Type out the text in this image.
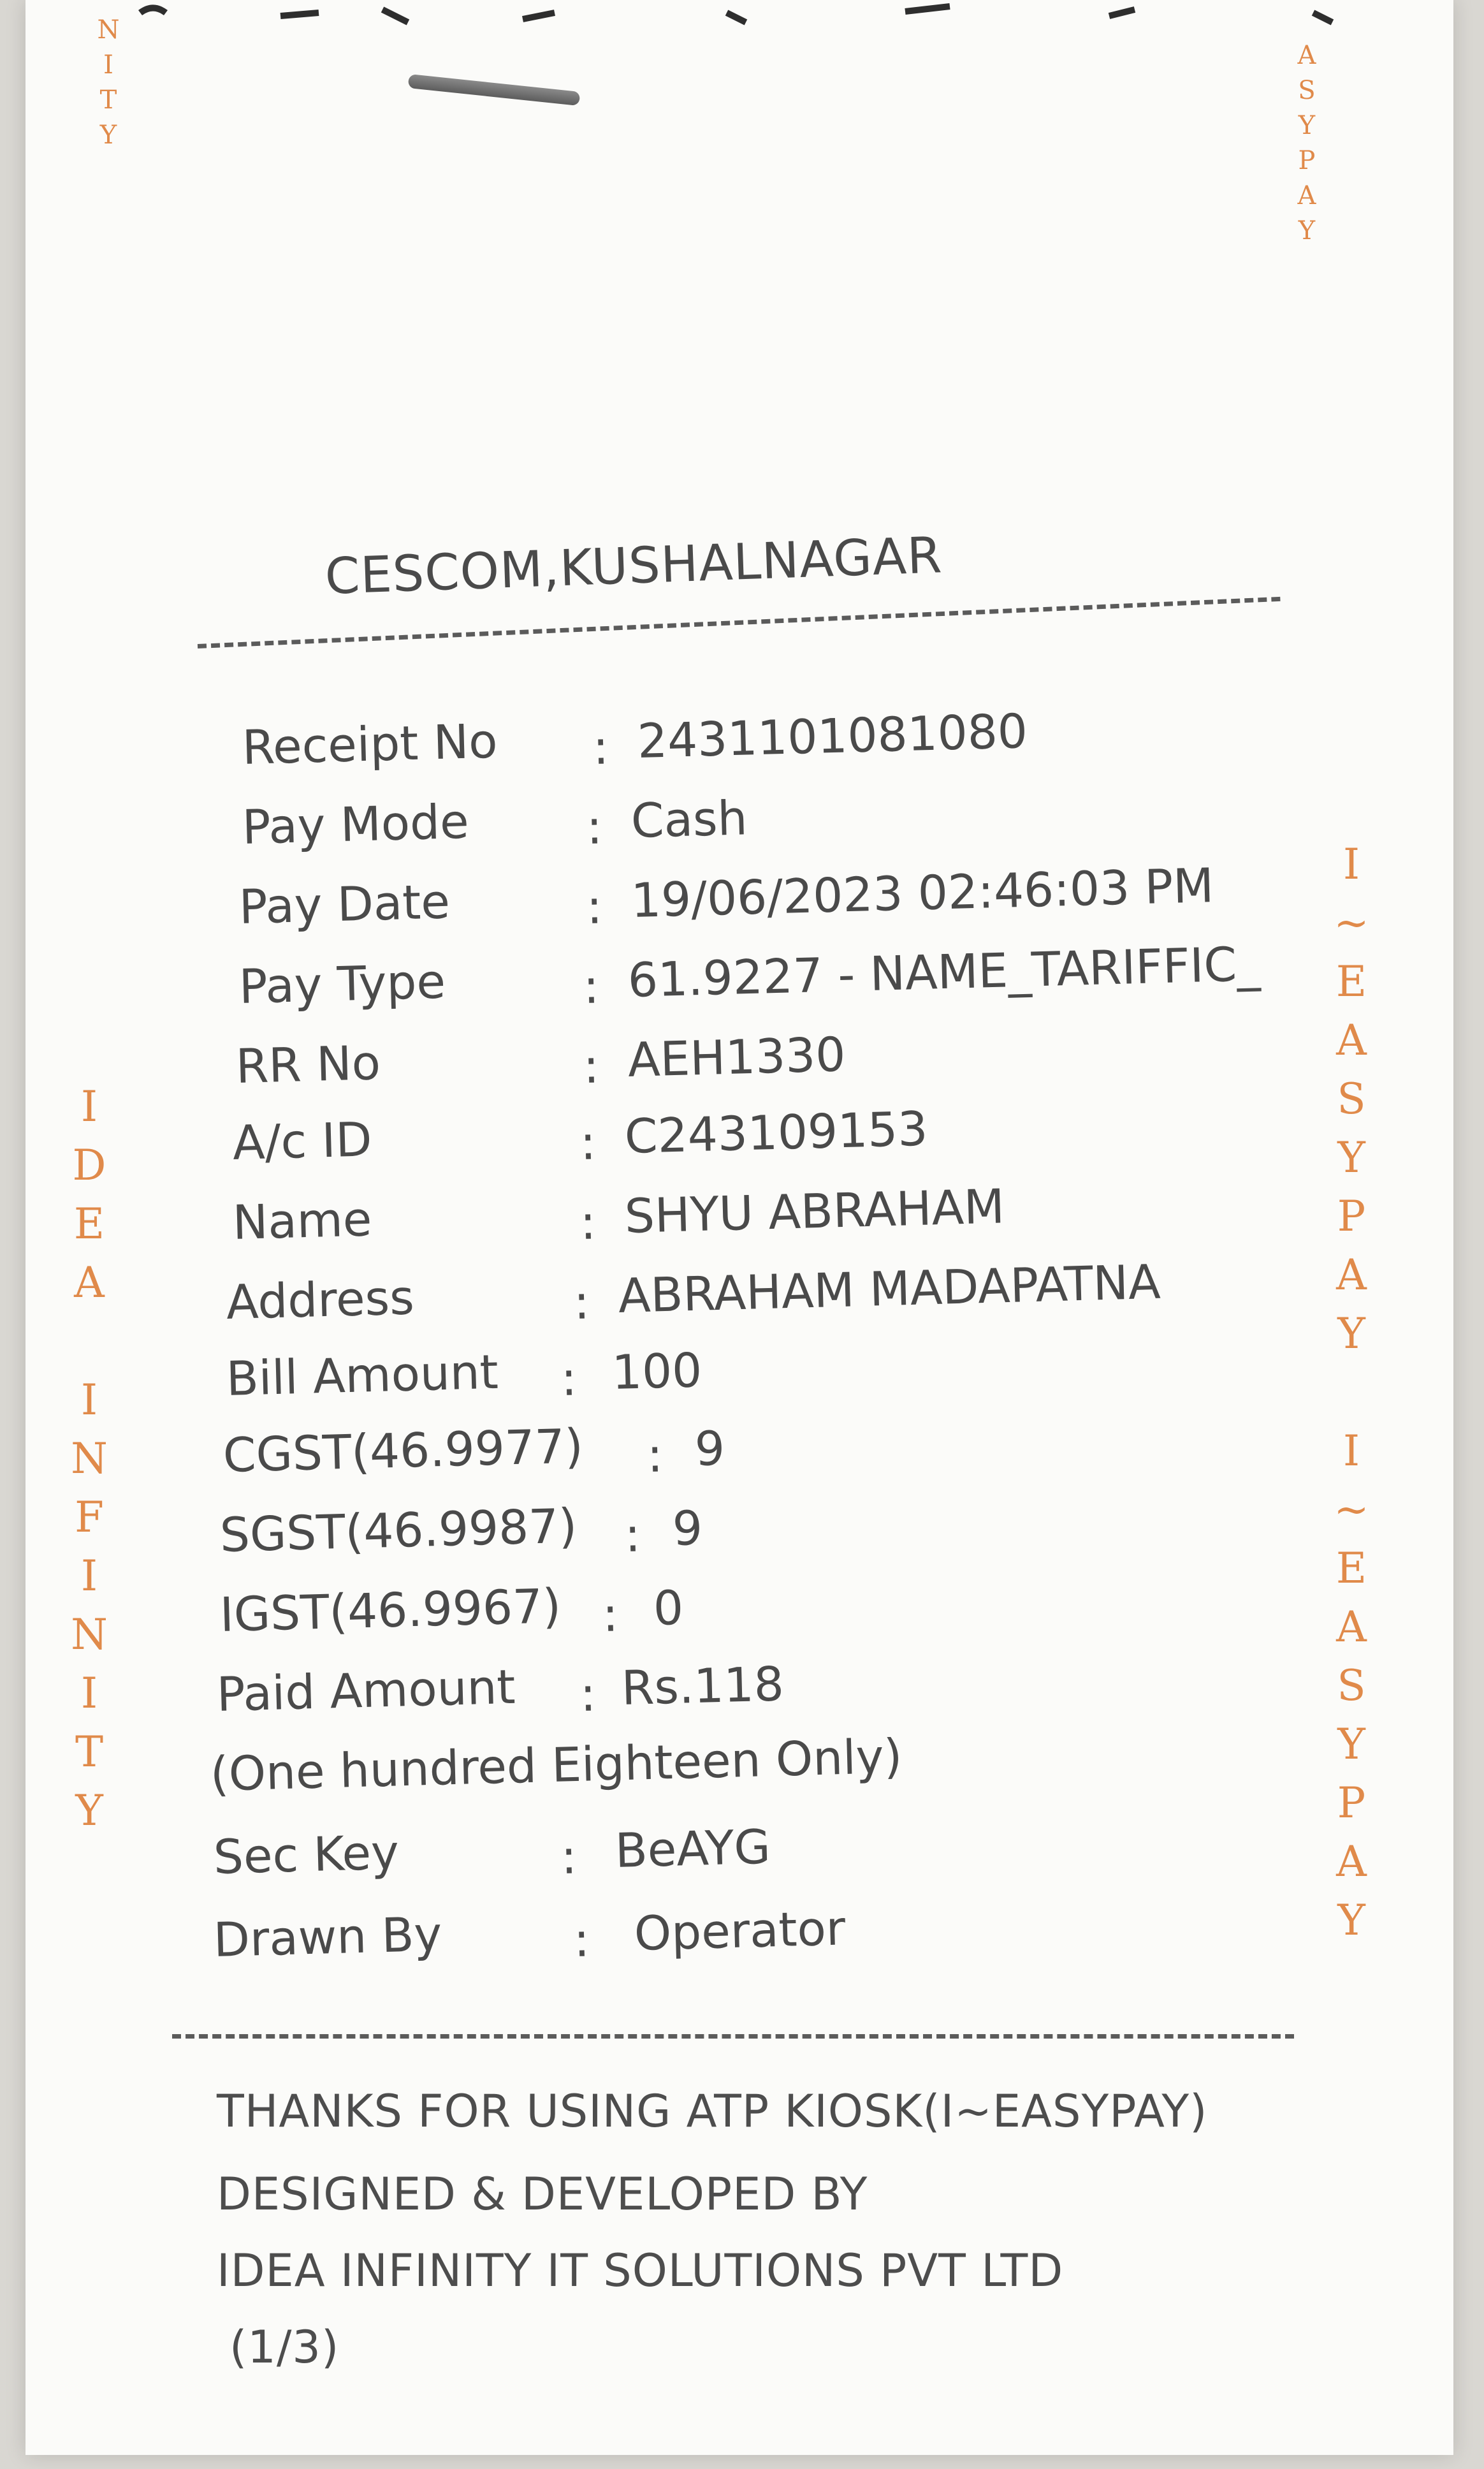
N
I
T
Y
A
S
Y
P
A
Y
I
D
E
A

I
N
F
I
N
I
T
Y
I
~
E
A
S
Y
P
A
Y

I
~
E
A
S
Y
P
A
Y
CESCOM,KUSHALNAGAR
Receipt No : 2431101081080
Pay Mode : Cash
Pay Date	: 19/06/2023 02:46:03 PM
Pay Type	: 61.9227 - NAME_TARIFFIC_
RR No	: AEH1330
A/c ID	: C243109153
Name	: SHYU ABRAHAM
Address	: ABRAHAM MADAPATNA
Bill Amount : 100
CGST(46.9977) : 9
SGST(46.9987) : 9
IGST(46.9967) : 0
Paid Amount : Rs.118
Sec Key	: BeAYG
Drawn By	: Operator
(One hundred Eighteen Only)
THANKS FOR USING ATP KIOSK(I~EASYPAY)
DESIGNED & DEVELOPED BY
IDEA INFINITY IT SOLUTIONS PVT LTD
(1/3)
